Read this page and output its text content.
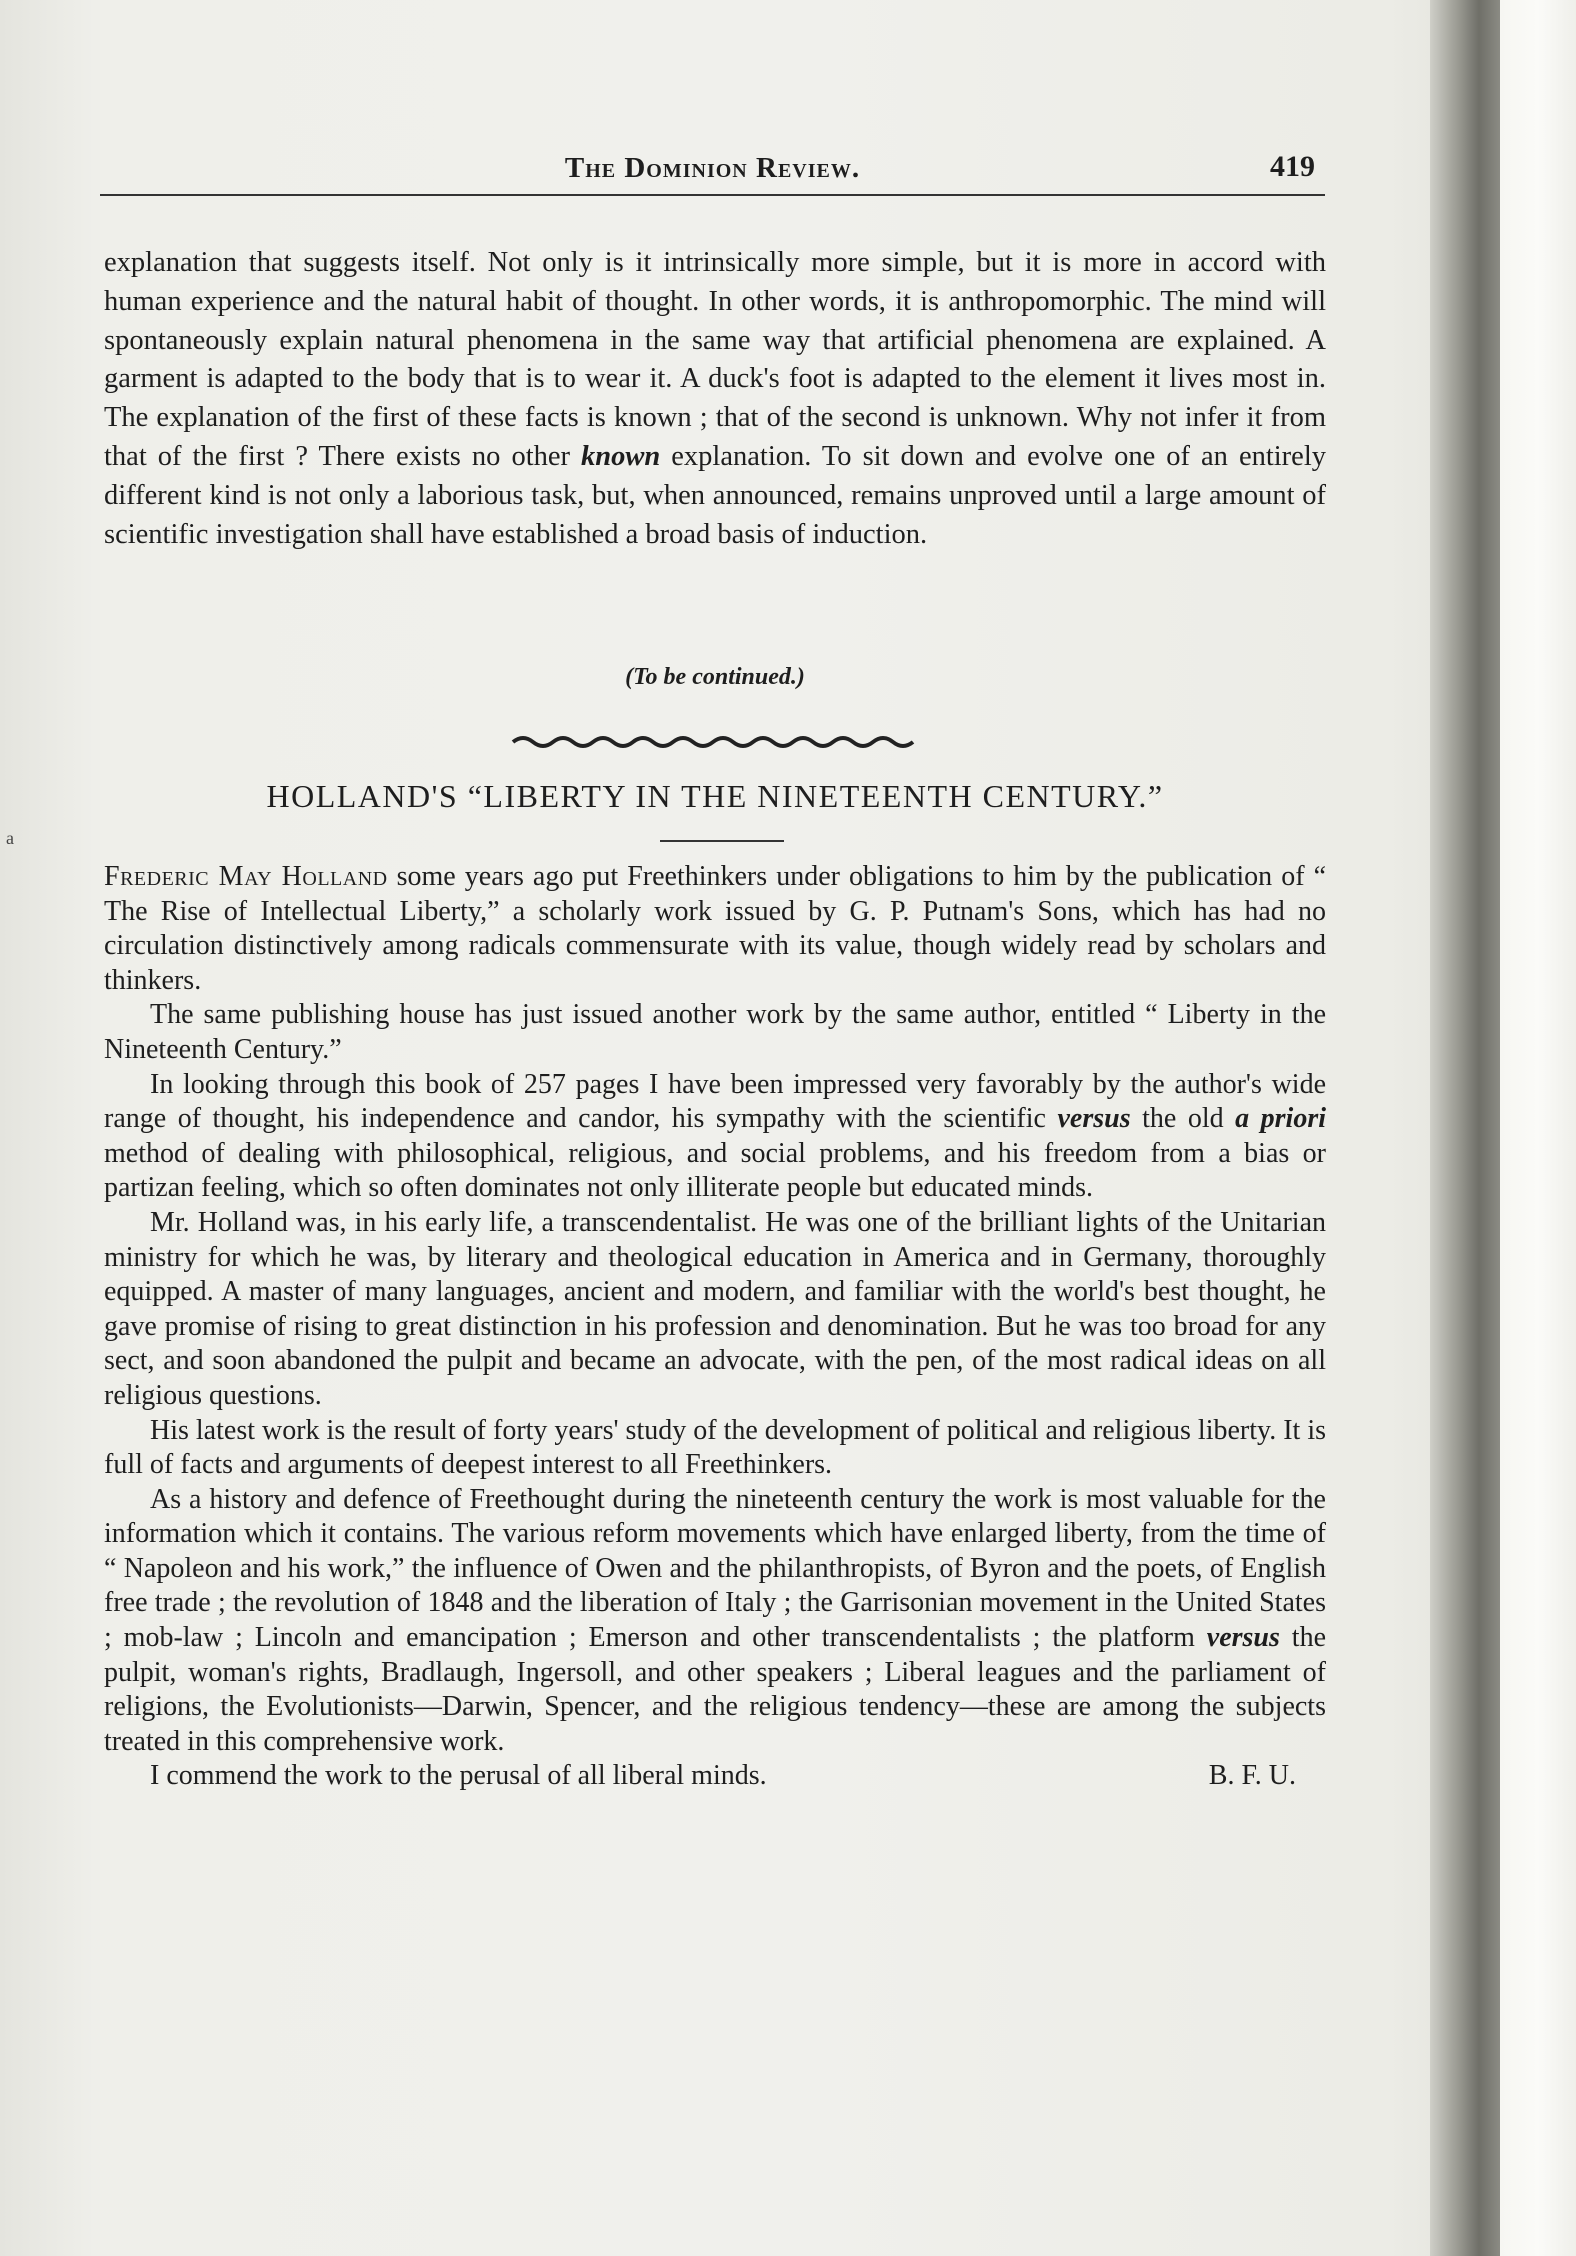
a
The Dominion Review.	419

explanation that suggests itself. Not only is it intrinsically more simple, but it is more in accord with human experience and the natural habit of thought. In other words, it is anthropomorphic. The mind will spontaneously explain natural phenomena in the same way that artificial phenomena are explained. A garment is adapted to the body that is to wear it. A duck's foot is adapted to the element it lives most in. The explanation of the first of these facts is known ; that of the second is unknown. Why not infer it from that of the first ? There exists no other known explanation. To sit down and evolve one of an entirely different kind is not only a laborious task, but, when announced, remains unproved until a large amount of scientific investigation shall have established a broad basis of induction.

(To be continued.)
HOLLAND'S “LIBERTY IN THE NINETEENTH CENTURY.”

Frederic May Holland some years ago put Freethinkers under obligations to him by the publication of “ The Rise of Intellectual Liberty,” a scholarly work issued by G. P. Putnam's Sons, which has had no circulation distinctively among radicals commensurate with its value, though widely read by scholars and thinkers.

The same publishing house has just issued another work by the same author, entitled “ Liberty in the Nineteenth Century.”

In looking through this book of 257 pages I have been impressed very favorably by the author's wide range of thought, his independence and candor, his sympathy with the scientific versus the old a priori method of dealing with philosophical, religious, and social problems, and his freedom from a bias or partizan feeling, which so often dominates not only illiterate people but educated minds.

Mr. Holland was, in his early life, a transcendentalist. He was one of the brilliant lights of the Unitarian ministry for which he was, by literary and theological education in America and in Germany, thoroughly equipped. A master of many languages, ancient and modern, and familiar with the world's best thought, he gave promise of rising to great distinction in his profession and denomination. But he was too broad for any sect, and soon abandoned the pulpit and became an advocate, with the pen, of the most radical ideas on all religious questions.

His latest work is the result of forty years' study of the development of political and religious liberty. It is full of facts and arguments of deepest interest to all Freethinkers.

As a history and defence of Freethought during the nineteenth century the work is most valuable for the information which it contains. The various reform movements which have enlarged liberty, from the time of “ Napoleon and his work,” the influence of Owen and the philanthropists, of Byron and the poets, of English free trade ; the revolution of 1848 and the liberation of Italy ; the Garrisonian movement in the United States ; mob-law ; Lincoln and emancipation ; Emerson and other transcendentalists ; the platform versus the pulpit, woman's rights, Bradlaugh, Ingersoll, and other speakers ; Liberal leagues and the parliament of religions, the Evolutionists—Darwin, Spencer, and the religious tendency—these are among the subjects treated in this comprehensive work.

I commend the work to the perusal of all liberal minds.	B. F. U.
